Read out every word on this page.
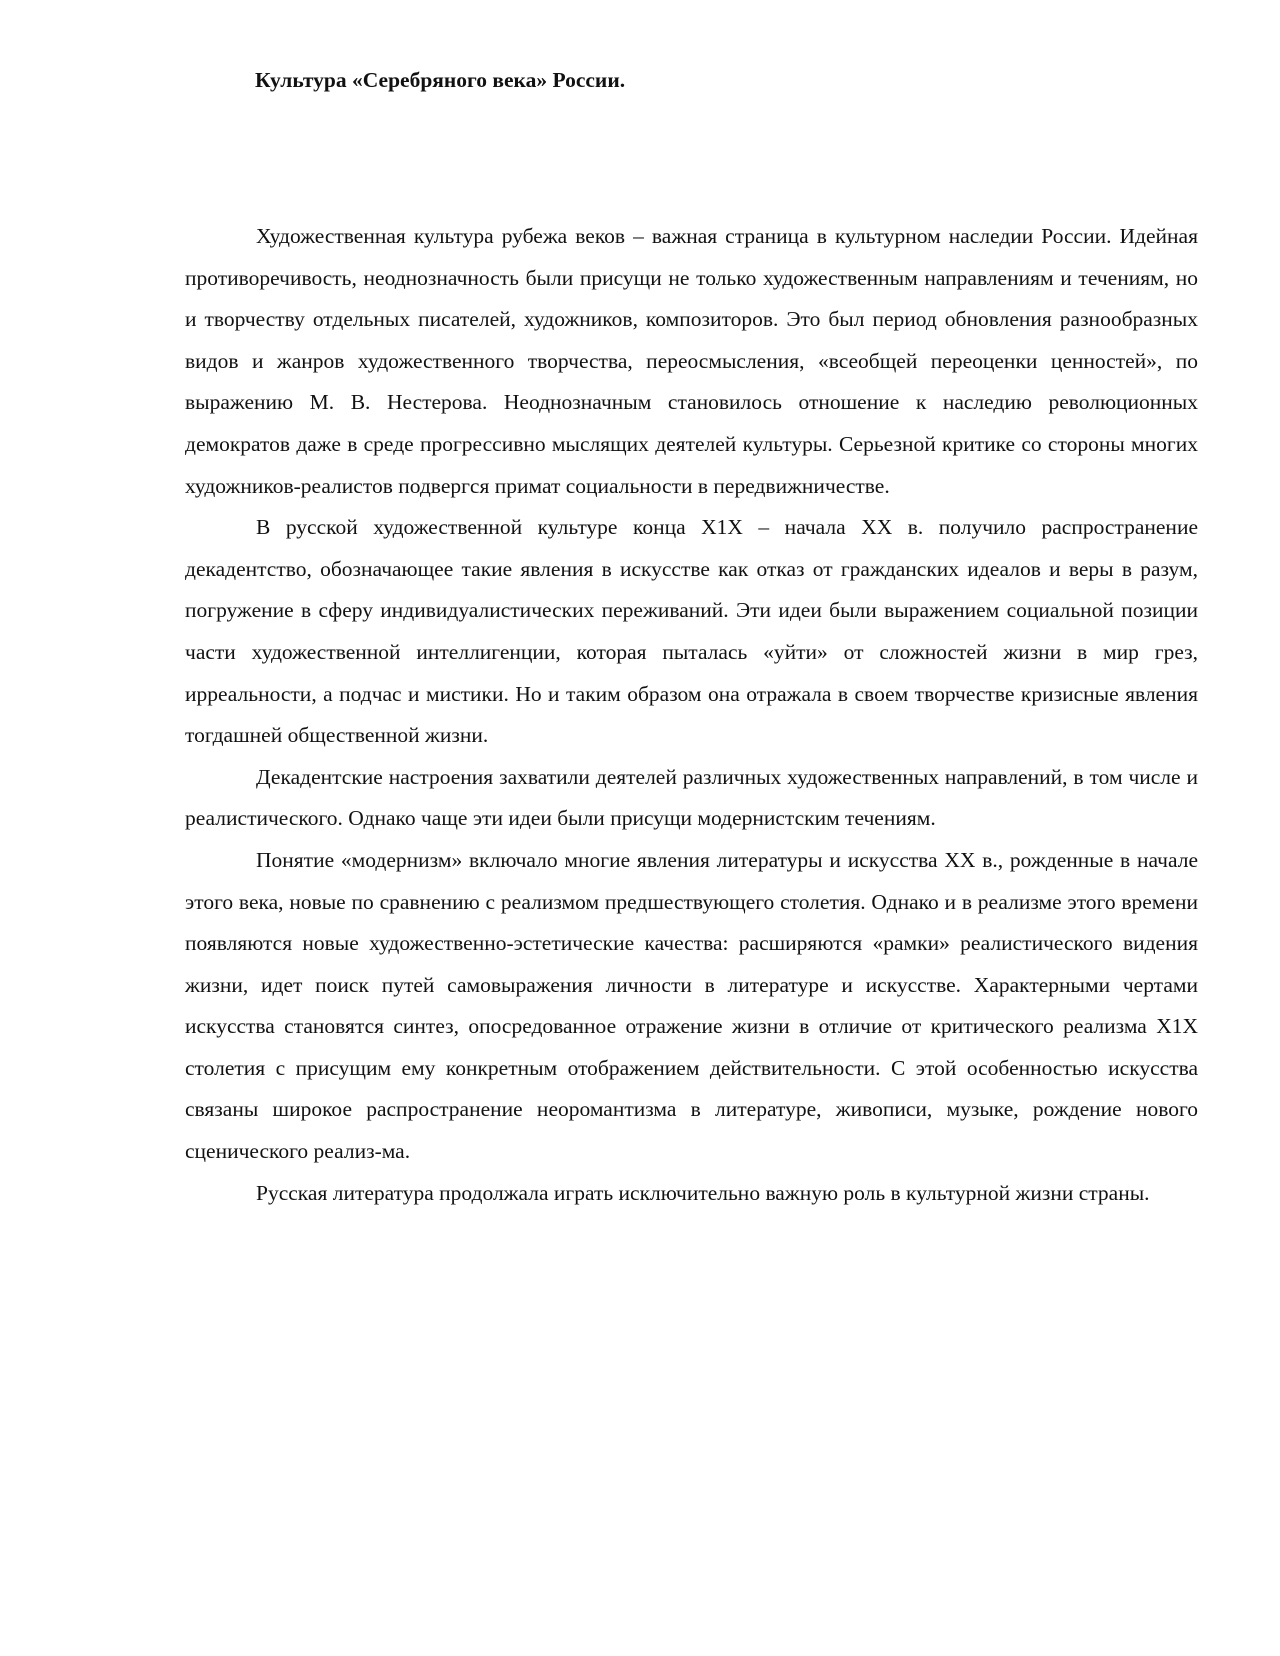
Культура «Серебряного века» России.

Художественная культура рубежа веков – важная страница в культурном наследии России. Идейная противоречивость, неоднозначность были присущи не только художественным направлениям и течениям, но и творчеству отдельных писателей, художников, композиторов. Это был период обновления разнообразных видов и жанров художественного творчества, переосмысления, «всеобщей переоценки ценностей», по выражению М. В. Нестерова. Неоднозначным становилось отношение к наследию революционных демократов даже в среде прогрессивно мыслящих деятелей культуры. Серьезной критике со стороны многих художников-реалистов подвергся примат социальности в передвижничестве.

В русской художественной культуре конца Х1Х – начала ХХ в. получило распространение декадентство, обозначающее такие явления в искусстве как отказ от гражданских идеалов и веры в разум, погружение в сферу индивидуалистических переживаний. Эти идеи были выражением социальной позиции части художественной интеллигенции, которая пыталась «уйти» от сложностей жизни в мир грез, ирреальности, а подчас и мистики. Но и таким образом она отражала в своем творчестве кризисные явления тогдашней общественной жизни.

Декадентские настроения захватили деятелей различных художественных направлений, в том числе и реалистического. Однако чаще эти идеи были присущи модернистским течениям.

Понятие «модернизм» включало многие явления литературы и искусства ХХ в., рожденные в начале этого века, новые по сравнению с реализмом предшествующего столетия. Однако и в реализме этого времени появляются новые художественно-эстетические качества: расширяются «рамки» реалистического видения жизни, идет поиск путей самовыражения личности в литературе и искусстве. Характерными чертами искусства становятся синтез, опосредованное отражение жизни в отличие от критического реализма Х1Х столетия с присущим ему конкретным отображением действительности. С этой особенностью искусства связаны широкое распространение неоромантизма в литературе, живописи, музыке, рождение нового сценического реализ-ма.

Русская литература продолжала играть исключительно важную роль в культурной жизни страны.
